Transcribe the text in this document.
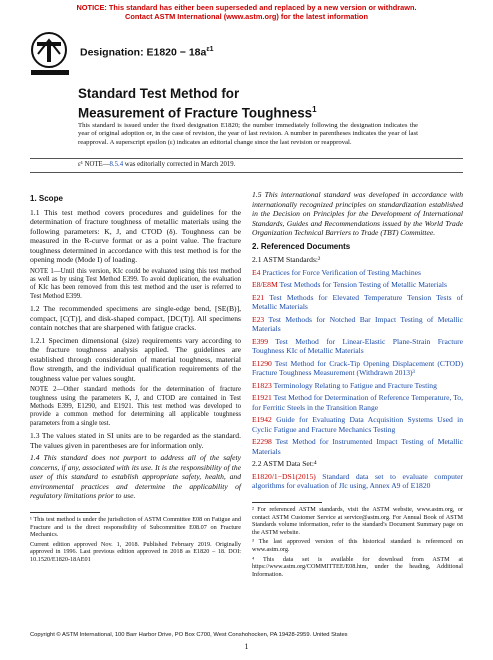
NOTICE: This standard has either been superseded and replaced by a new version or withdrawn.
Contact ASTM International (www.astm.org) for the latest information
Designation: $E1820 - 18a^{\varepsilon 1}$
Standard Test Method for
Measurement of Fracture Toughness$^1$
This standard is issued under the fixed designation E1820; the number immediately following the designation indicates the year of original adoption or, in the case of revision, the year of last revision. A number in parentheses indicates the year of last reapproval. A superscript epsilon (ε) indicates an editorial change since the last revision or reapproval.
ε¹ NOTE—8.5.4 was editorially corrected in March 2019.
1. Scope

1.1 This test method covers procedures and guidelines for the determination of fracture toughness of metallic materials using the following parameters: K, J, and CTOD (δ). Toughness can be measured in the R-curve format or as a point value. The fracture toughness determined in accordance with this test method is for the opening mode (Mode I) of loading.

NOTE 1—Until this version, KIc could be evaluated using this test method as well as by using Test Method E399. To avoid duplication, the evaluation of KIc has been removed from this test method and the user is referred to Test Method E399.

1.2 The recommended specimens are single-edge bend, [SE(B)], compact, [C(T)], and disk-shaped compact, [DC(T)]. All specimens contain notches that are sharpened with fatigue cracks.

1.2.1 Specimen dimensional (size) requirements vary according to the fracture toughness analysis applied. The guidelines are established through consideration of material toughness, material flow strength, and the individual qualification requirements of the toughness value per values sought.

NOTE 2—Other standard methods for the determination of fracture toughness using the parameters K, J, and CTOD are contained in Test Methods E399, E1290, and E1921. This test method was developed to provide a common method for determining all applicable toughness parameters from a single test.

1.3 The values stated in SI units are to be regarded as the standard. The values given in parentheses are for information only.

1.4 This standard does not purport to address all of the safety concerns, if any, associated with its use. It is the responsibility of the user of this standard to establish appropriate safety, health, and environmental practices and determine the applicability of regulatory limitations prior to use.

1.5 This international standard was developed in accordance with internationally recognized principles on standardization established in the Decision on Principles for the Development of International Standards, Guides and Recommendations issued by the World Trade Organization Technical Barriers to Trade (TBT) Committee.

2. Referenced Documents

2.1 ASTM Standards:²

E4 Practices for Force Verification of Testing Machines

E8/E8M Test Methods for Tension Testing of Metallic Materials

E21 Test Methods for Elevated Temperature Tension Tests of Metallic Materials

E23 Test Methods for Notched Bar Impact Testing of Metallic Materials

E399 Test Method for Linear-Elastic Plane-Strain Fracture Toughness KIc of Metallic Materials

E1290 Test Method for Crack-Tip Opening Displacement (CTOD) Fracture Toughness Measurement (Withdrawn 2013)³

E1823 Terminology Relating to Fatigue and Fracture Testing

E1921 Test Method for Determination of Reference Temperature, To, for Ferritic Steels in the Transition Range

E1942 Guide for Evaluating Data Acquisition Systems Used in Cyclic Fatigue and Fracture Mechanics Testing

E2298 Test Method for Instrumented Impact Testing of Metallic Materials

2.2 ASTM Data Set:⁴

E1820/1−DS1(2015) Standard data set to evaluate computer algorithms for evaluation of JIc using, Annex A9 of E1820

¹ This test method is under the jurisdiction of ASTM Committee E08 on Fatigue and Fracture and is the direct responsibility of Subcommittee E08.07 on Fracture Mechanics.

Current edition approved Nov. 1, 2018. Published February 2019. Originally approved in 1996. Last previous edition approved in 2018 as E1820 – 18. DOI: 10.1520/E1820-18AE01

² For referenced ASTM standards, visit the ASTM website, www.astm.org, or contact ASTM Customer Service at service@astm.org. For Annual Book of ASTM Standards volume information, refer to the standard's Document Summary page on the ASTM website.

³ The last approved version of this historical standard is referenced on www.astm.org.

⁴ This data set is available for download from ASTM at https://www.astm.org/COMMITTEE/E08.htm, under the heading, Additional Information.

Copyright © ASTM International, 100 Barr Harbor Drive, PO Box C700, West Conshohocken, PA 19428-2959. United States
1
